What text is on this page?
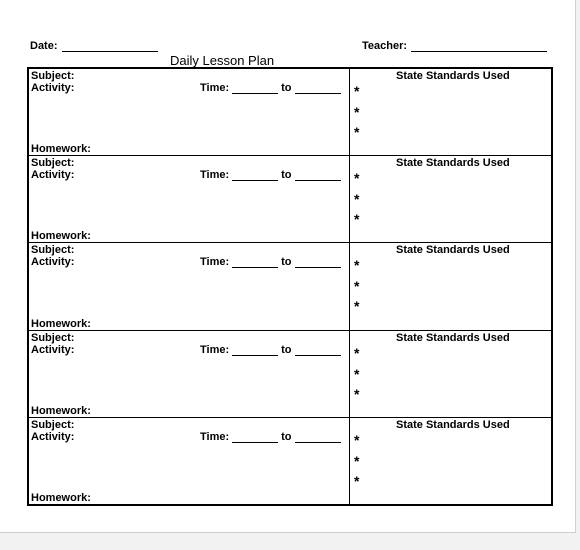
Date:	Teacher:
Daily Lesson Plan
Subject:
Activity:	Time:	to
Homework:
State Standards Used
*
*
*
Subject:
Activity:	Time:	to
Homework:
State Standards Used
*
*
*
Subject:
Activity:	Time:	to
Homework:
State Standards Used
*
*
*
Subject:
Activity:	Time:	to
Homework:
State Standards Used
*
*
*
Subject:
Activity:	Time:	to
Homework:
State Standards Used
*
*
*
